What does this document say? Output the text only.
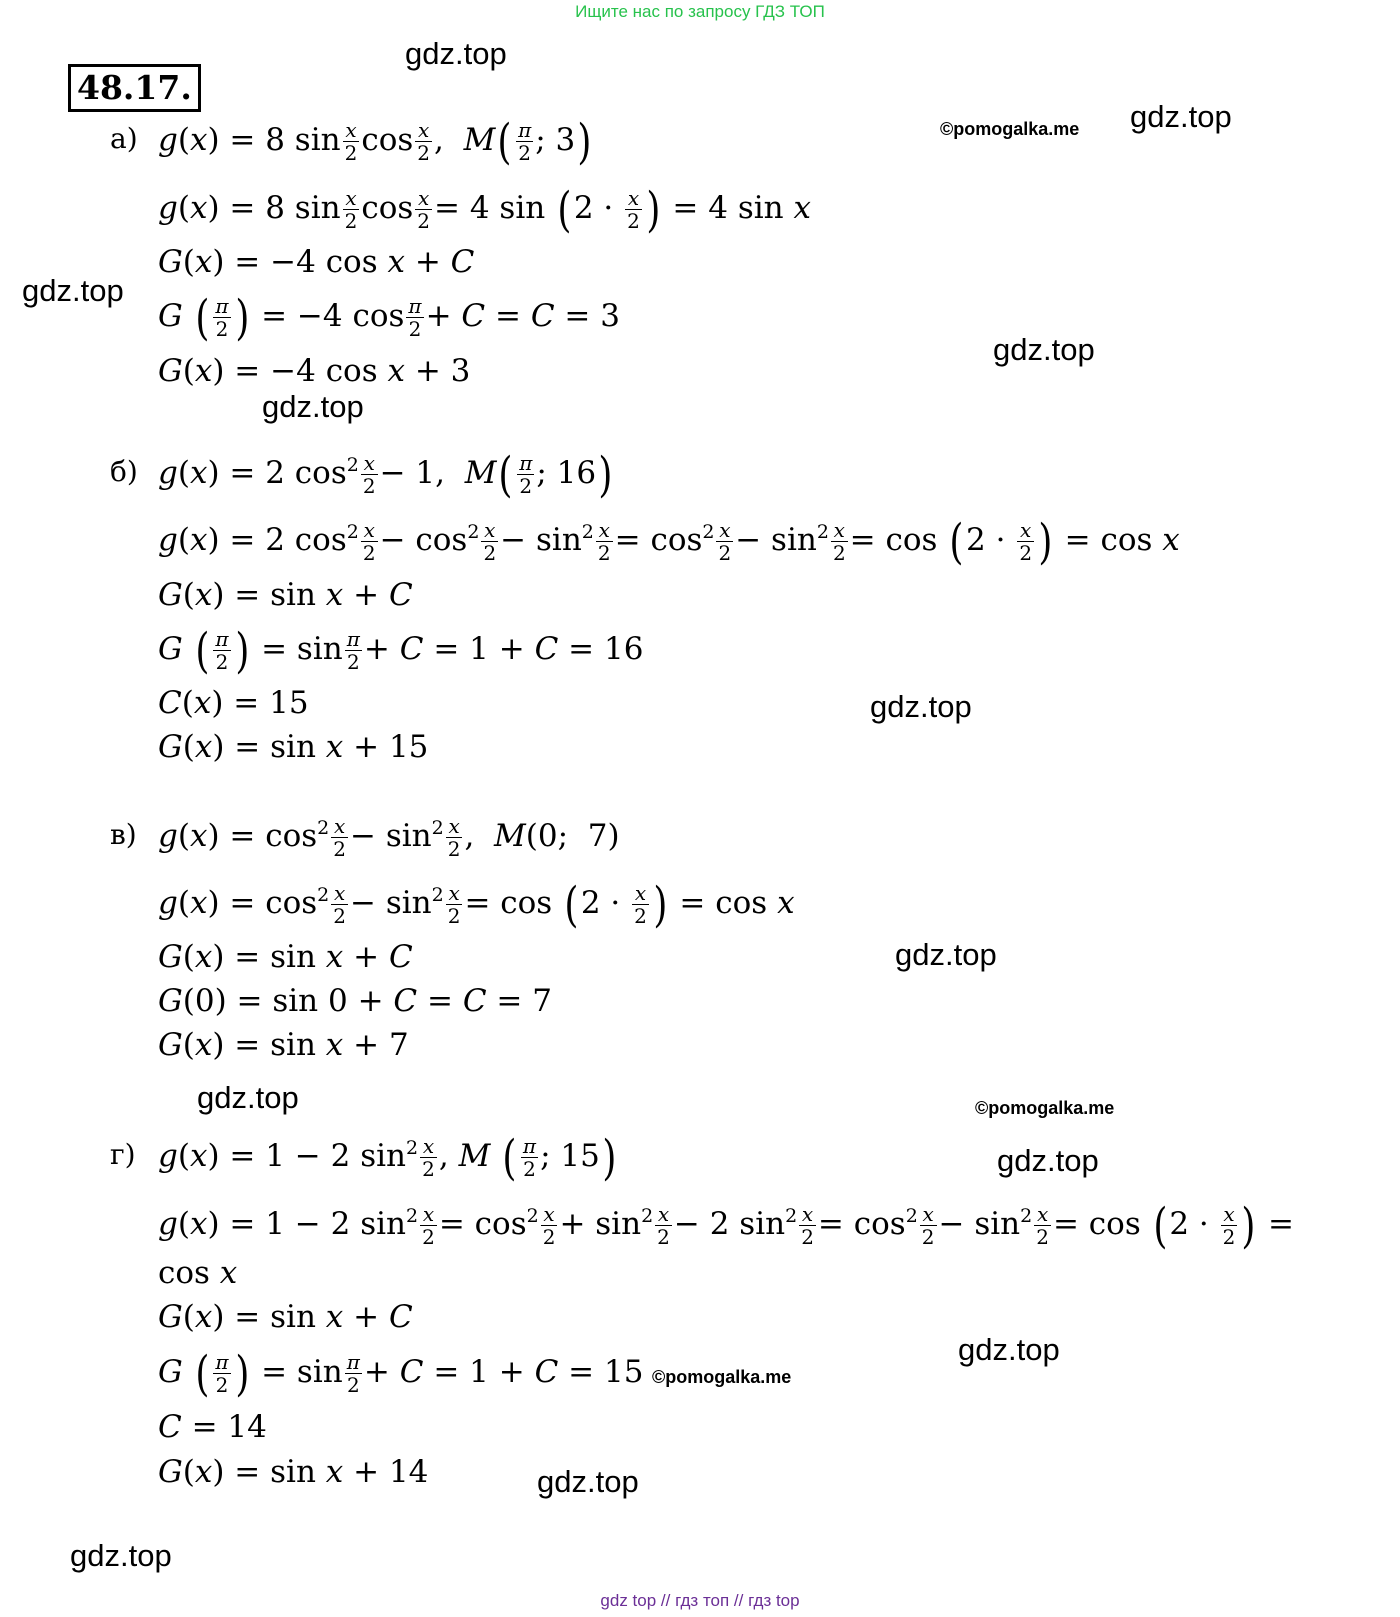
Ищите нас по запросу ГДЗ ТОП
48.17.
gdz.top
gdz.top
©pomogalka.me
gdz.top
gdz.top
gdz.top
gdz.top
gdz.top
gdz.top	©pomogalka.me
gdz.top
gdz.top
©pomogalka.me
gdz.top
gdz.top
а) g(x) = 8 $\sin \frac{x}{2}$ $\cos \frac{x}{2}$ ,  $M( \frac{\pi}{2}$ ; 3)
g(x) = 8 $\sin \frac{x}{2}$ $\cos \frac{x}{2} = 4$ $\sin (2 \cdot \frac{x}{2}$ ) = 4 sin x
G(x) = −4 cos x + C
G ( $\frac{\pi}{2}$ ) = −4 $\cos \frac{\pi}{2} + C = C = 3$
G(x) = −4 cos x + 3
б) g(x) = 2 $\cos^2 \frac{x}{2} - 1$,  $M( \frac{\pi}{2}$ ; 16)
g(x) = 2 $\cos^2 \frac{x}{2} - \cos^2 \frac{x}{2} - \sin^2 \frac{x}{2} = \cos^2 \frac{x}{2} - \sin^2 \frac{x}{2} = \cos (2 \cdot \frac{x}{2}$ ) = cos x
G(x) = sin x + C
G ( $\frac{\pi}{2}$ ) = $\sin \frac{\pi}{2} + C = 1 + C = 16$
C(x) = 15
G(x) = sin x + 15
в) $g(x) = \cos^2 \frac{x}{2} - \sin^2 \frac{x}{2}$ ,  M(0;  7)
$g(x) = \cos^2 \frac{x}{2} - \sin^2 \frac{x}{2} = \cos (2 \cdot \frac{x}{2}$ ) = cos x
G(x) = sin x + C
G(0) = sin 0 + C = C = 7
G(x) = sin x + 7
г) g(x) = 1 − 2 $\sin^2 \frac{x}{2}$ , M ( $\frac{\pi}{2}$ ; 15)
g(x) = 1 − 2 $\sin^2 \frac{x}{2} = \cos^2 \frac{x}{2} + \sin^2 \frac{x}{2} - 2$ $\sin^2 \frac{x}{2} = \cos^2 \frac{x}{2} - \sin^2 \frac{x}{2} = \cos (2 \cdot \frac{x}{2}$ ) =
cos x
G(x) = sin x + C
G ( $\frac{\pi}{2}$ ) = $\sin \frac{\pi}{2} + C = 1 + C = 15$
C = 14
G(x) = sin x + 14
gdz top // гдз топ // гдз top
